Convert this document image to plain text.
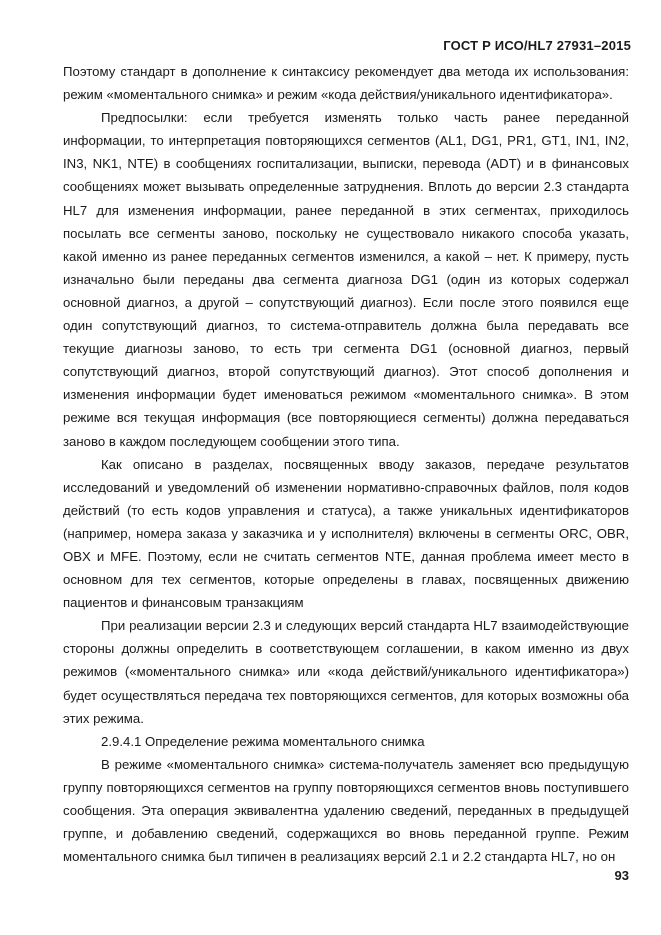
ГОСТ Р ИСО/HL7 27931–2015

Поэтому стандарт в дополнение к синтаксису рекомендует два метода их использования: режим «моментального снимка» и режим «кода действия/уникального идентификатора».

Предпосылки: если требуется изменять только часть ранее переданной информации, то интерпретация повторяющихся сегментов (AL1, DG1, PR1, GT1, IN1, IN2, IN3, NK1, NTE) в сообщениях госпитализации, выписки, перевода (ADT) и в финансовых сообщениях может вызывать определенные затруднения. Вплоть до версии 2.3 стандарта HL7 для изменения информации, ранее переданной в этих сегментах, приходилось посылать все сегменты заново, поскольку не существовало никакого способа указать, какой именно из ранее переданных сегментов изменился, а какой – нет. К примеру, пусть изначально были переданы два сегмента диагноза DG1 (один из которых содержал основной диагноз, а другой – сопутствующий диагноз). Если после этого появился еще один сопутствующий диагноз, то система-отправитель должна была передавать все текущие диагнозы заново, то есть три сегмента DG1 (основной диагноз, первый сопутствующий диагноз, второй сопутствующий диагноз). Этот способ дополнения и изменения информации будет именоваться режимом «моментального снимка». В этом режиме вся текущая информация (все повторяющиеся сегменты) должна передаваться заново в каждом последующем сообщении этого типа.

Как описано в разделах, посвященных вводу заказов, передаче результатов исследований и уведомлений об изменении нормативно-справочных файлов, поля кодов действий (то есть кодов управления и статуса), а также уникальных идентификаторов (например, номера заказа у заказчика и у исполнителя) включены в сегменты ORC, OBR, OBX и MFE. Поэтому, если не считать сегментов NTE, данная проблема имеет место в основном для тех сегментов, которые определены в главах, посвященных движению пациентов и финансовым транзакциям

При реализации версии 2.3 и следующих версий стандарта HL7 взаимодействующие стороны должны определить в соответствующем соглашении, в каком именно из двух режимов («моментального снимка» или «кода действий/уникального идентификатора») будет осуществляться передача тех повторяющихся сегментов, для которых возможны оба этих режима.

2.9.4.1 Определение режима моментального снимка

В режиме «моментального снимка» система-получатель заменяет всю предыдущую группу повторяющихся сегментов на группу повторяющихся сегментов вновь поступившего сообщения. Эта операция эквивалентна удалению сведений, переданных в предыдущей группе, и добавлению сведений, содержащихся во вновь переданной группе. Режим моментального снимка был типичен в реализациях версий 2.1 и 2.2 стандарта HL7, но он

93
